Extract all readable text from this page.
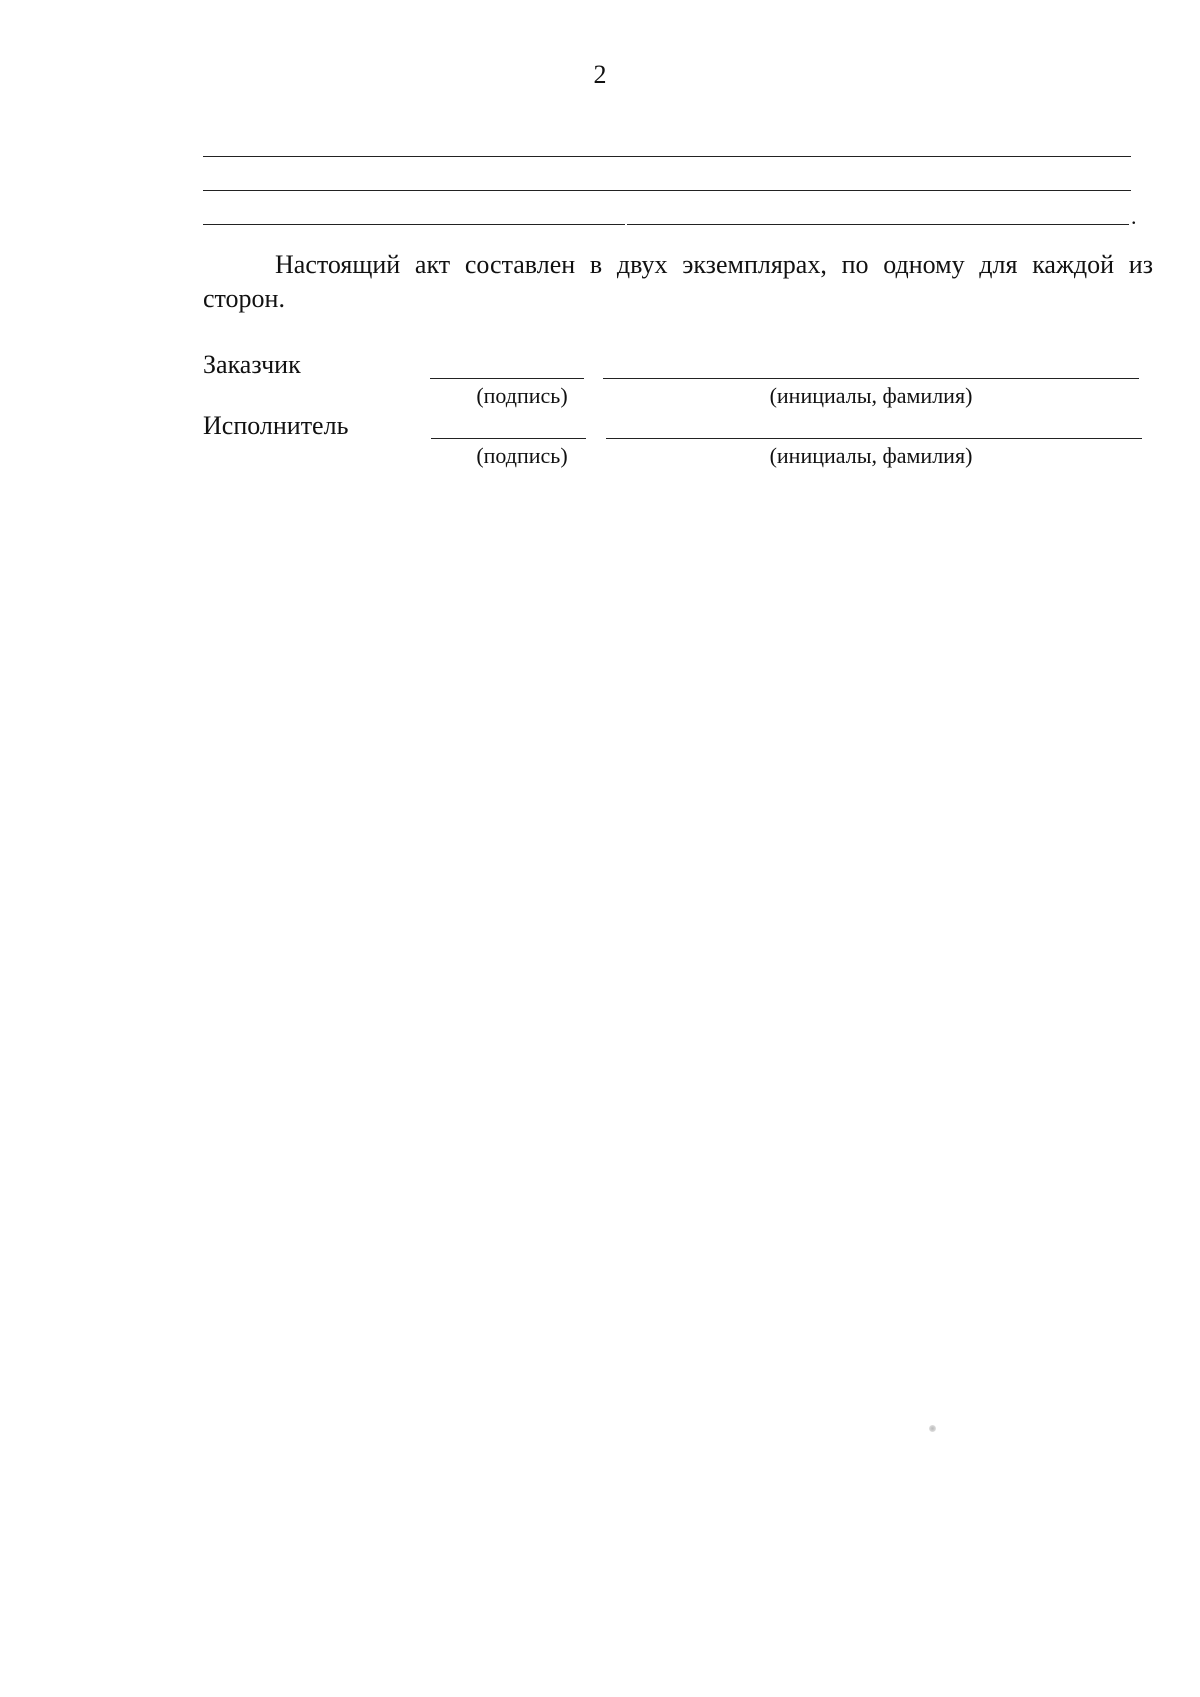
2
.

Настоящий акт составлен в двух экземплярах, по одному для каждой из сторон.

Заказчик
(подпись)	(инициалы, фамилия)
Исполнитель
(подпись)	(инициалы, фамилия)
